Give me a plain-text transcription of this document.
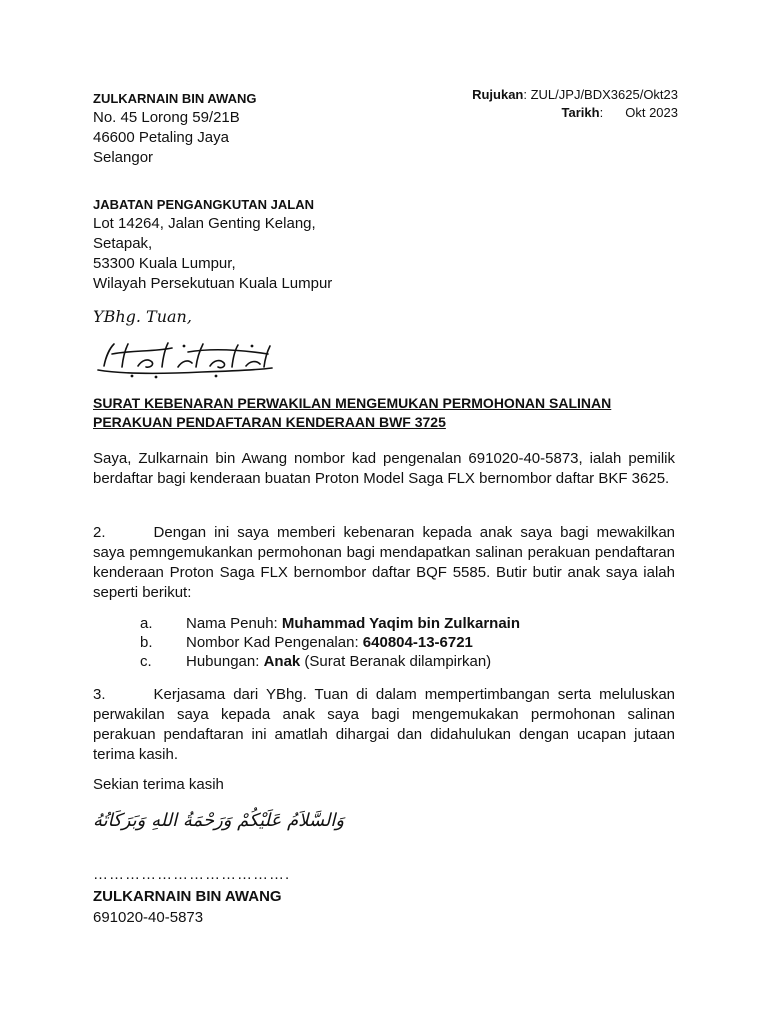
ZULKARNAIN BIN AWANG
No. 45 Lorong 59/21B
46600 Petaling Jaya
Selangor
Rujukan: ZUL/JPJ/BDX3625/Okt23
Tarikh: Okt 2023
JABATAN PENGANGKUTAN JALAN
Lot 14264, Jalan Genting Kelang,
Setapak,
53300 Kuala Lumpur,
Wilayah Persekutuan Kuala Lumpur
YBhg. Tuan,
SURAT KEBENARAN PERWAKILAN MENGEMUKAN PERMOHONAN SALINAN PERAKUAN PENDAFTARAN KENDERAAN BWF 3725
Saya, Zulkarnain bin Awang nombor kad pengenalan 691020-40-5873, ialah pemilik berdaftar bagi kenderaan buatan Proton Model Saga FLX bernombor daftar BKF 3625.
2.	Dengan ini saya memberi kebenaran kepada anak saya bagi mewakilkan saya pemngemukankan permohonan bagi mendapatkan salinan perakuan pendaftaran kenderaan Proton Saga FLX bernombor daftar BQF 5585. Butir butir anak saya ialah seperti berikut:
a.	Nama Penuh: Muhammad Yaqim bin Zulkarnain
b.	Nombor Kad Pengenalan: 640804-13-6721
c.	Hubungan: Anak (Surat Beranak dilampirkan)
3.	Kerjasama dari YBhg. Tuan di dalam mempertimbangan serta meluluskan perwakilan saya kepada anak saya bagi mengemukakan permohonan salinan perakuan pendaftaran ini amatlah dihargai dan didahulukan dengan ucapan jutaan terima kasih.
Sekian terima kasih
وَالسَّلاَمُ عَلَيْكُمْ وَرَحْمَةُ اللهِ وَبَرَكَاتُهُ
……………………………….
ZULKARNAIN BIN AWANG
691020-40-5873
